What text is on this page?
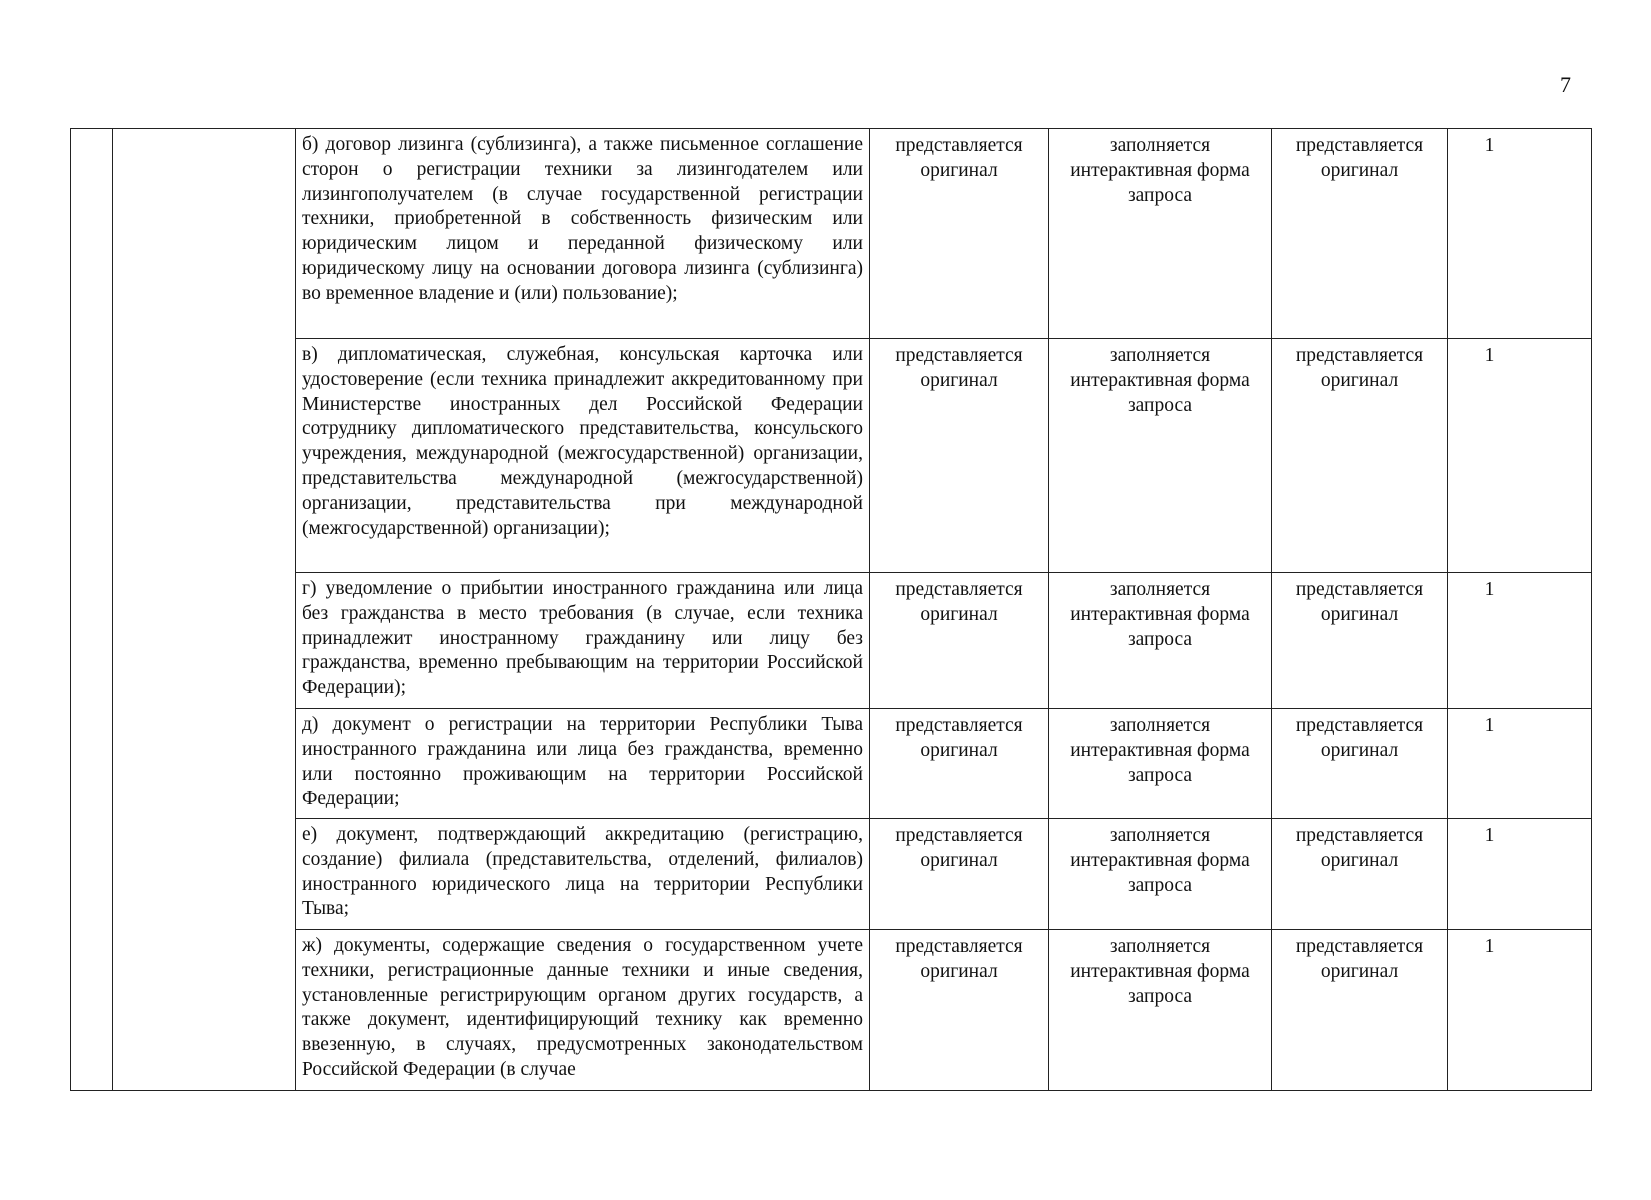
7
		б) договор лизинга (сублизинга), а также письменное соглашение сторон о регистрации техники за лизингодателем или лизингополучателем (в случае государственной регистрации техники, приобретенной в собственность физическим или юридическим лицом и переданной физическому или юридическому лицу на основании договора лизинга (сублизинга) во временное владение и (или) пользование);	представляется оригинал	заполняется интерактивная форма запроса	представляется оригинал	1
		в) дипломатическая, служебная, консульская карточка или удостоверение (если техника принадлежит аккредитованному при Министерстве иностранных дел Российской Федерации сотруднику дипломатического представительства, консульского учреждения, международной (межгосударственной) организации, представительства международной (межгосударственной) организации, представительства при международной (межгосударственной) организации);	представляется оригинал	заполняется интерактивная форма запроса	представляется оригинал	1
		г) уведомление о прибытии иностранного гражданина или лица без гражданства в место требования (в случае, если техника принадлежит иностранному гражданину или лицу без гражданства, временно пребывающим на территории Российской Федерации);	представляется оригинал	заполняется интерактивная форма запроса	представляется оригинал	1
		д) документ о регистрации на территории Республики Тыва иностранного гражданина или лица без гражданства, временно или постоянно проживающим на территории Российской Федерации;	представляется оригинал	заполняется интерактивная форма запроса	представляется оригинал	1
		е) документ, подтверждающий аккредитацию (регистрацию, создание) филиала (представительства, отделений, филиалов) иностранного юридического лица на территории Республики Тыва;	представляется оригинал	заполняется интерактивная форма запроса	представляется оригинал	1
		ж) документы, содержащие сведения о государственном учете техники, регистрационные данные техники и иные сведения, установленные регистрирующим органом других государств, а также документ, идентифицирующий технику как временно ввезенную, в случаях, предусмотренных законодательством Российской Федерации (в случае	представляется оригинал	заполняется интерактивная форма запроса	представляется оригинал	1
